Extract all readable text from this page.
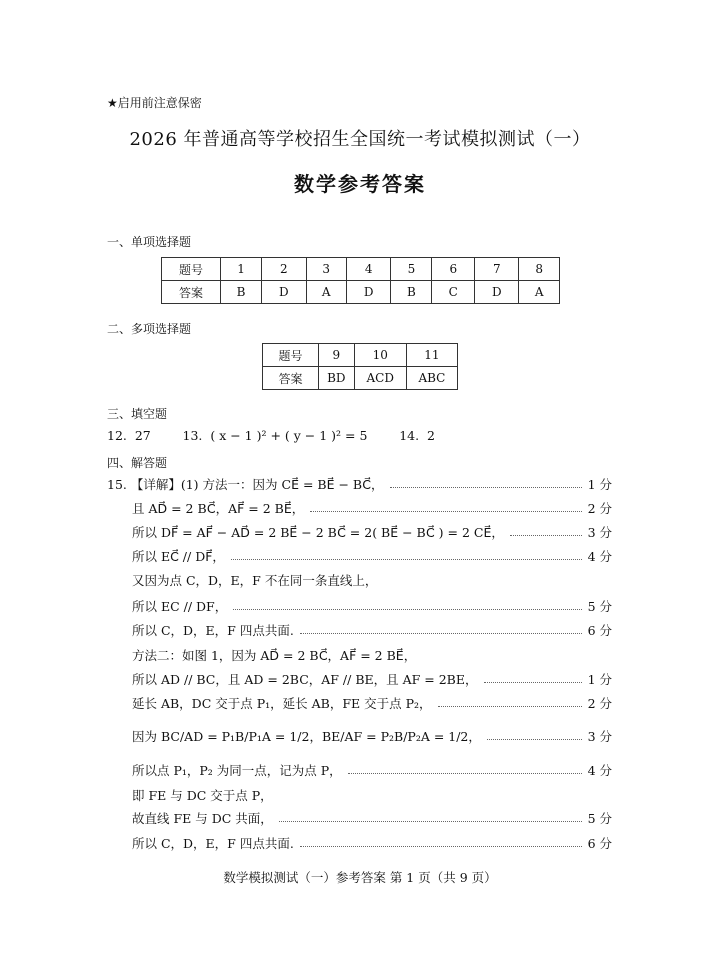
★启用前注意保密
2026 年普通高等学校招生全国统一考试模拟测试（一）
数学参考答案
一、单项选择题
题号	1	2	3	4	5	6	7	8
答案	B	D	A	D	B	C	D	A
二、多项选择题
题号	9	10	11
答案	BD	ACD	ABC
三、填空题
12.  27        13.  ( x − 1 )² + ( y − 1 )² = 5        14.  2
四、解答题
15. 【详解】(1) 方法一：因为 CE⃗ = BE⃗ − BC⃗，	1 分
且 AD⃗ = 2 BC⃗，AF⃗ = 2 BE⃗，	2 分
所以 DF⃗ = AF⃗ − AD⃗ = 2 BE⃗ − 2 BC⃗ = 2( BE⃗ − BC⃗ ) = 2 CE⃗，	3 分
所以 EC⃗ // DF⃗，	4 分
又因为点 C，D，E，F 不在同一条直线上，
所以 EC // DF，	5 分
所以 C，D，E，F 四点共面.	6 分
方法二：如图 1，因为 AD⃗ = 2 BC⃗，AF⃗ = 2 BE⃗，
所以 AD // BC，且 AD = 2BC，AF // BE，且 AF = 2BE，	1 分
延长 AB，DC 交于点 P₁，延长 AB，FE 交于点 P₂，	2 分
因为 BC/AD = P₁B/P₁A = 1/2，BE/AF = P₂B/P₂A = 1/2，	3 分
所以点 P₁，P₂ 为同一点，记为点 P，	4 分
即 FE 与 DC 交于点 P，
故直线 FE 与 DC 共面，	5 分
所以 C，D，E，F 四点共面.	6 分
数学模拟测试（一）参考答案 第 1 页（共 9 页）
